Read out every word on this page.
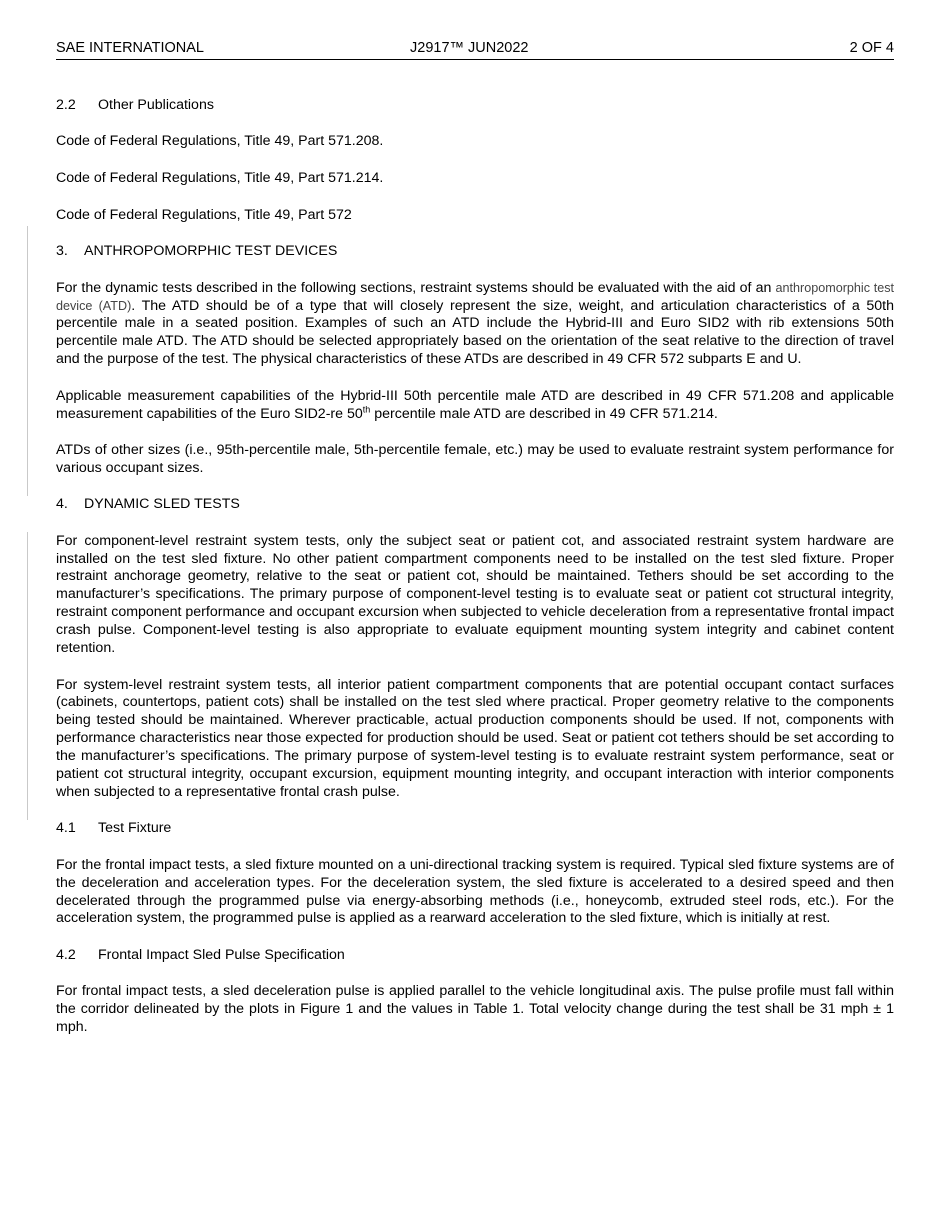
SAE INTERNATIONAL	J2917™ JUN2022	2 OF 4
2.2 Other Publications

Code of Federal Regulations, Title 49, Part 571.208.

Code of Federal Regulations, Title 49, Part 571.214.

Code of Federal Regulations, Title 49, Part 572

3. ANTHROPOMORPHIC TEST DEVICES

For the dynamic tests described in the following sections, restraint systems should be evaluated with the aid of an anthropomorphic test device (ATD). The ATD should be of a type that will closely represent the size, weight, and articulation characteristics of a 50th percentile male in a seated position. Examples of such an ATD include the Hybrid-III and Euro SID2 with rib extensions 50th percentile male ATD. The ATD should be selected appropriately based on the orientation of the seat relative to the direction of travel and the purpose of the test. The physical characteristics of these ATDs are described in 49 CFR 572 subparts E and U.

Applicable measurement capabilities of the Hybrid-III 50th percentile male ATD are described in 49 CFR 571.208 and applicable measurement capabilities of the Euro SID2-re 50th percentile male ATD are described in 49 CFR 571.214.

ATDs of other sizes (i.e., 95th-percentile male, 5th-percentile female, etc.) may be used to evaluate restraint system performance for various occupant sizes.

4. DYNAMIC SLED TESTS

For component-level restraint system tests, only the subject seat or patient cot, and associated restraint system hardware are installed on the test sled fixture. No other patient compartment components need to be installed on the test sled fixture. Proper restraint anchorage geometry, relative to the seat or patient cot, should be maintained. Tethers should be set according to the manufacturer’s specifications. The primary purpose of component-level testing is to evaluate seat or patient cot structural integrity, restraint component performance and occupant excursion when subjected to vehicle deceleration from a representative frontal impact crash pulse. Component-level testing is also appropriate to evaluate equipment mounting system integrity and cabinet content retention.

For system-level restraint system tests, all interior patient compartment components that are potential occupant contact surfaces (cabinets, countertops, patient cots) shall be installed on the test sled where practical. Proper geometry relative to the components being tested should be maintained. Wherever practicable, actual production components should be used. If not, components with performance characteristics near those expected for production should be used. Seat or patient cot tethers should be set according to the manufacturer’s specifications. The primary purpose of system-level testing is to evaluate restraint system performance, seat or patient cot structural integrity, occupant excursion, equipment mounting integrity, and occupant interaction with interior components when subjected to a representative frontal crash pulse.

4.1 Test Fixture

For the frontal impact tests, a sled fixture mounted on a uni-directional tracking system is required. Typical sled fixture systems are of the deceleration and acceleration types. For the deceleration system, the sled fixture is accelerated to a desired speed and then decelerated through the programmed pulse via energy-absorbing methods (i.e., honeycomb, extruded steel rods, etc.). For the acceleration system, the programmed pulse is applied as a rearward acceleration to the sled fixture, which is initially at rest.

4.2 Frontal Impact Sled Pulse Specification

For frontal impact tests, a sled deceleration pulse is applied parallel to the vehicle longitudinal axis. The pulse profile must fall within the corridor delineated by the plots in Figure 1 and the values in Table 1. Total velocity change during the test shall be 31 mph ± 1 mph.
